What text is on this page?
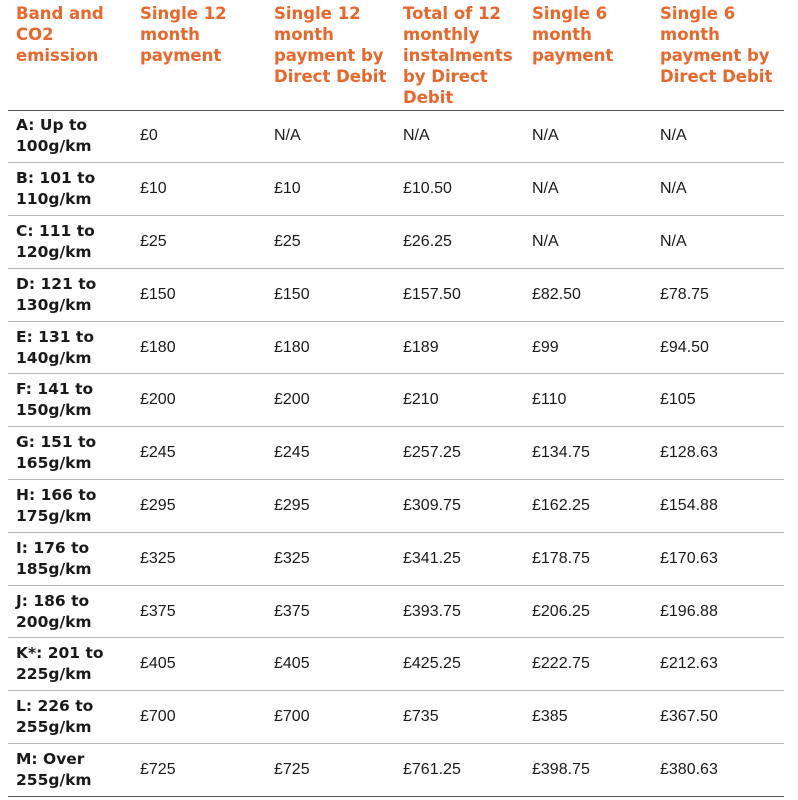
Band and CO2 emission	Single 12 month payment	Single 12 month payment by Direct Debit	Total of 12 monthly instalments by Direct Debit	Single 6 month payment	Single 6 month payment by Direct Debit
A: Up to 100g/km	£0	N/A	N/A	N/A	N/A
B: 101 to 110g/km	£10	£10	£10.50	N/A	N/A
C: 111 to 120g/km	£25	£25	£26.25	N/A	N/A
D: 121 to 130g/km	£150	£150	£157.50	£82.50	£78.75
E: 131 to 140g/km	£180	£180	£189	£99	£94.50
F: 141 to 150g/km	£200	£200	£210	£110	£105
G: 151 to 165g/km	£245	£245	£257.25	£134.75	£128.63
H: 166 to 175g/km	£295	£295	£309.75	£162.25	£154.88
I: 176 to 185g/km	£325	£325	£341.25	£178.75	£170.63
J: 186 to 200g/km	£375	£375	£393.75	£206.25	£196.88
K*: 201 to 225g/km	£405	£405	£425.25	£222.75	£212.63
L: 226 to 255g/km	£700	£700	£735	£385	£367.50
M: Over 255g/km	£725	£725	£761.25	£398.75	£380.63
